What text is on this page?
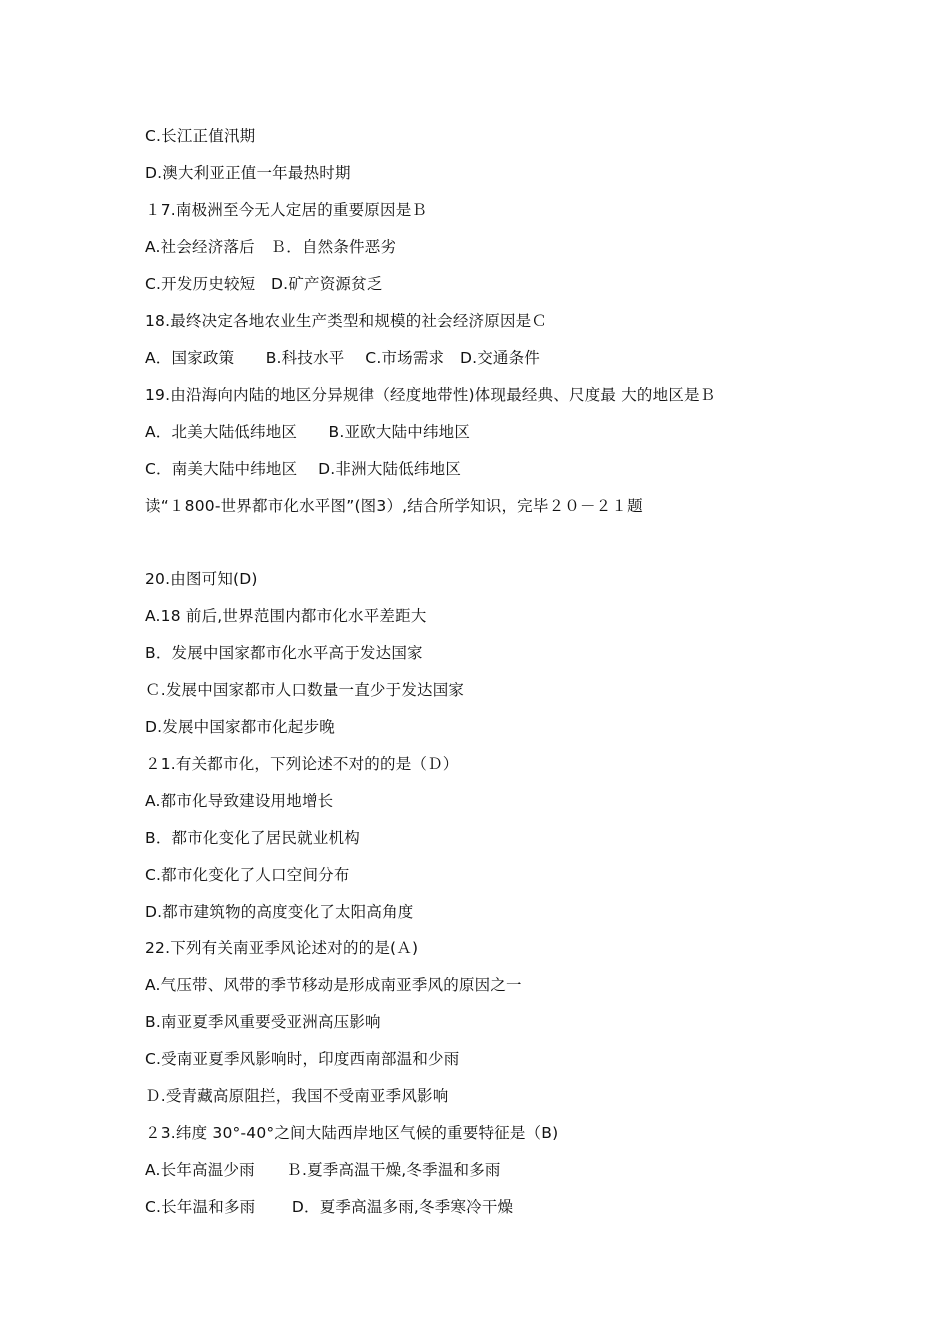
C.长江正值汛期
D.澳大利亚正值一年最热时期
１7.南极洲至今无人定居的重要原因是Ｂ
A.社会经济落后　Ｂ．自然条件恶劣
C.开发历史较短　D.矿产资源贫乏
18.最终决定各地农业生产类型和规模的社会经济原因是Ｃ
A．国家政策　　B.科技水平　 C.市场需求　D.交通条件
19.由沿海向内陆的地区分异规律（经度地带性)体现最经典、尺度最 大的地区是Ｂ
A．北美大陆低纬地区　　B.亚欧大陆中纬地区
C．南美大陆中纬地区　 D.非洲大陆低纬地区
读“１800-世界都市化水平图”(图3）,结合所学知识，完毕２０－２１题
20.由图可知(D)
A.18 前后,世界范围内都市化水平差距大
B．发展中国家都市化水平高于发达国家
Ｃ.发展中国家都市人口数量一直少于发达国家
D.发展中国家都市化起步晚
２1.有关都市化，下列论述不对的的是（Ｄ）
A.都市化导致建设用地增长
B．都市化变化了居民就业机构
C.都市化变化了人口空间分布
D.都市建筑物的高度变化了太阳高角度
22.下列有关南亚季风论述对的的是(Ａ)
A.气压带、风带的季节移动是形成南亚季风的原因之一
B.南亚夏季风重要受亚洲高压影响
C.受南亚夏季风影响时，印度西南部温和少雨
Ｄ.受青藏高原阻拦，我国不受南亚季风影响
２3.纬度 30°-40°之间大陆西岸地区气候的重要特征是（B)
A.长年高温少雨　　Ｂ.夏季高温干燥,冬季温和多雨
C.长年温和多雨　　 D．夏季高温多雨,冬季寒冷干燥
